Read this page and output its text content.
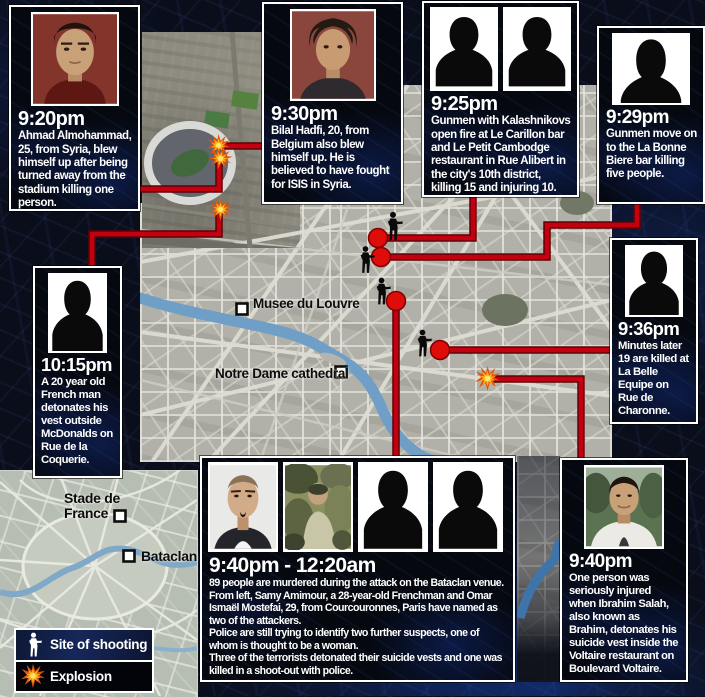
Musee du Louvre
Notre Dame cathedral
Stade de France
Bataclan
9:20pm
Ahmad Almohammad, 25, from Syria, blew himself up after being turned away from the stadium killing one person.
9:30pm
Bilal Hadfi, 20, from Belgium also blew himself up. He is believed to have fought for ISIS in Syria.
9:25pm
Gunmen with Kalashnikovs open fire at Le Carillon bar and Le Petit Cambodge restaurant in Rue Alibert in the city's 10th district, killing 15 and injuring 10.
9:29pm
Gunmen move on to the La Bonne Biere bar killing five people.
10:15pm
A 20 year old French man detonates his vest outside McDonalds on Rue de la Coquerie.
9:36pm
Minutes later 19 are killed at La Belle Equipe on Rue de Charonne.
9:40pm - 12:20am

89 people are murdered during the attack on the Bataclan venue. From left, Samy Amimour, a 28-year-old Frenchman and Omar Ismaël Mostefai, 29, from Courcouronnes, Paris have named as two of the attackers.

Police are still trying to identify two further suspects, one of whom is thought to be a woman.

Three of the terrorists detonated their suicide vests and one was killed in a shoot-out with police.

9:40pm
One person was seriously injured when Ibrahim Salah, also known as Brahim, detonates his suicide vest inside the Voltaire restaurant on Boulevard Voltaire.
Site of shooting
Explosion
